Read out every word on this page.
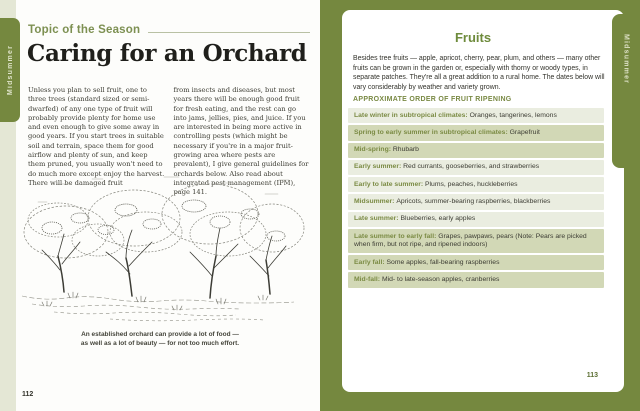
Midsummer
Topic of the Season
Caring for an Orchard

Unless you plan to sell fruit, one to three trees (standard sized or semi-dwarfed) of any one type of fruit will probably provide plenty for home use and even enough to give some away in good years. If you start trees in suitable soil and terrain, space them for good airflow and plenty of sun, and keep them pruned, you usually won't need to do much more except enjoy the harvest. There will be damaged fruit

from insects and diseases, but most years there will be enough good fruit for fresh eating, and the rest can go into jams, jellies, pies, and juice. If you are interested in being more active in controlling pests (which might be necessary if you're in a major fruit-growing area where pests are prevalent), I give general guidelines for orchards below. Also read about integrated pest management (IPM), page 141.

An established orchard can provide a lot of food —
as well as a lot of beauty — for not too much effort.
112
Fruits

Besides tree fruits — apple, apricot, cherry, pear, plum, and others — many other fruits can be grown in the garden or, especially with thorny or woody types, in separate patches. They're all a great addition to a rural home. The dates below will vary considerably by weather and variety grown.

APPROXIMATE ORDER OF FRUIT RIPENING
Late winter in subtropical climates: Oranges, tangerines, lemons
Spring to early summer in subtropical climates: Grapefruit
Mid-spring: Rhubarb
Early summer: Red currants, gooseberries, and strawberries
Early to late summer: Plums, peaches, huckleberries
Midsummer: Apricots, summer-bearing raspberries, blackberries
Late summer: Blueberries, early apples
Late summer to early fall: Grapes, pawpaws, pears (Note: Pears are picked when firm, but not ripe, and ripened indoors)
Early fall: Some apples, fall-bearing raspberries
Mid-fall: Mid- to late-season apples, cranberries
113
Midsummer
